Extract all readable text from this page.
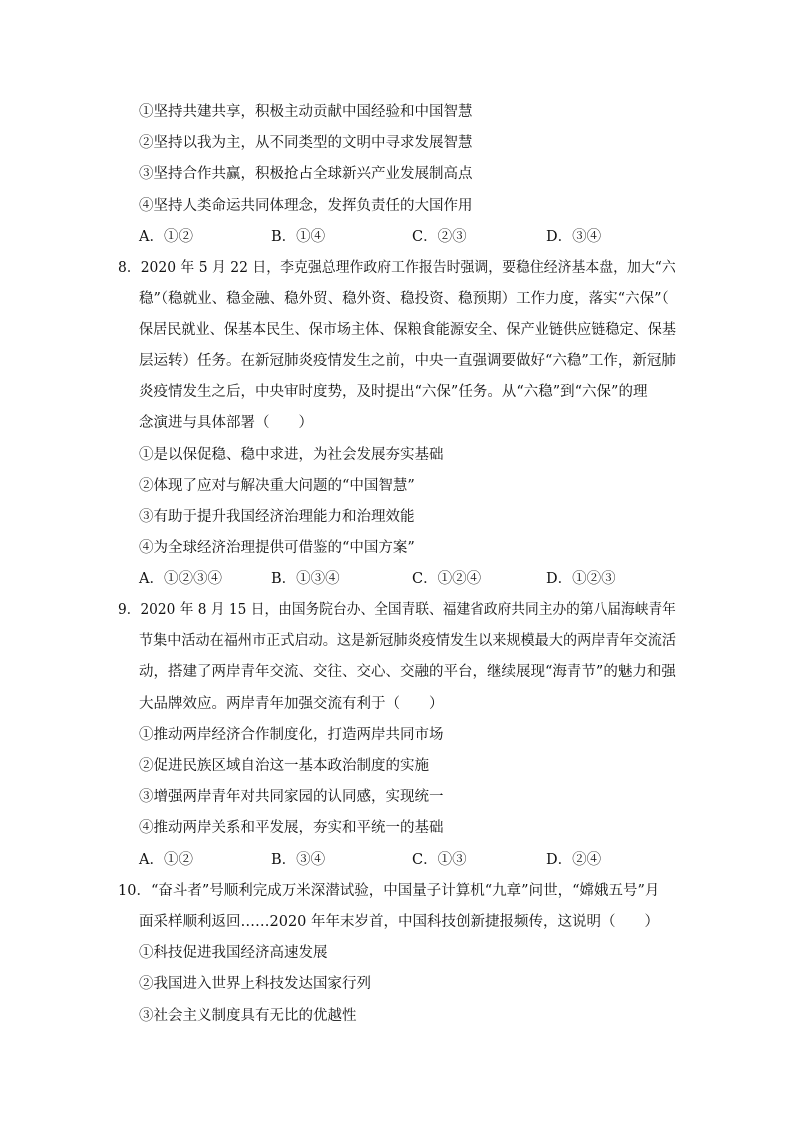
①坚持共建共享，积极主动贡献中国经验和中国智慧
②坚持以我为主，从不同类型的文明中寻求发展智慧
③坚持合作共赢，积极抢占全球新兴产业发展制高点
④坚持人类命运共同体理念，发挥负责任的大国作用
A．①②	B．①④	C．②③	D．③④
8．2020 年 5 月 22 日，李克强总理作政府工作报告时强调，要稳住经济基本盘，加大“六
稳”（稳就业、稳金融、稳外贸、稳外资、稳投资、稳预期）工作力度，落实“六保”（
保居民就业、保基本民生、保市场主体、保粮食能源安全、保产业链供应链稳定、保基
层运转）任务。在新冠肺炎疫情发生之前，中央一直强调要做好“六稳”工作，新冠肺
炎疫情发生之后，中央审时度势，及时提出“六保”任务。从“六稳”到“六保”的理
念演进与具体部署（　　）
①是以保促稳、稳中求进，为社会发展夯实基础
②体现了应对与解决重大问题的“中国智慧”
③有助于提升我国经济治理能力和治理效能
④为全球经济治理提供可借鉴的“中国方案”
A．①②③④	B．①③④	C．①②④	D．①②③
9．2020 年 8 月 15 日，由国务院台办、全国青联、福建省政府共同主办的第八届海峡青年
节集中活动在福州市正式启动。这是新冠肺炎疫情发生以来规模最大的两岸青年交流活
动，搭建了两岸青年交流、交往、交心、交融的平台，继续展现“海青节”的魅力和强
大品牌效应。两岸青年加强交流有利于（　　）
①推动两岸经济合作制度化，打造两岸共同市场
②促进民族区域自治这一基本政治制度的实施
③增强两岸青年对共同家园的认同感，实现统一
④推动两岸关系和平发展，夯实和平统一的基础
A．①②	B．③④	C．①③	D．②④
10．“奋斗者”号顺利完成万米深潜试验，中国量子计算机“九章”问世，“嫦娥五号”月
面采样顺利返回……2020 年年末岁首，中国科技创新捷报频传，这说明（　　）
①科技促进我国经济高速发展
②我国进入世界上科技发达国家行列
③社会主义制度具有无比的优越性
